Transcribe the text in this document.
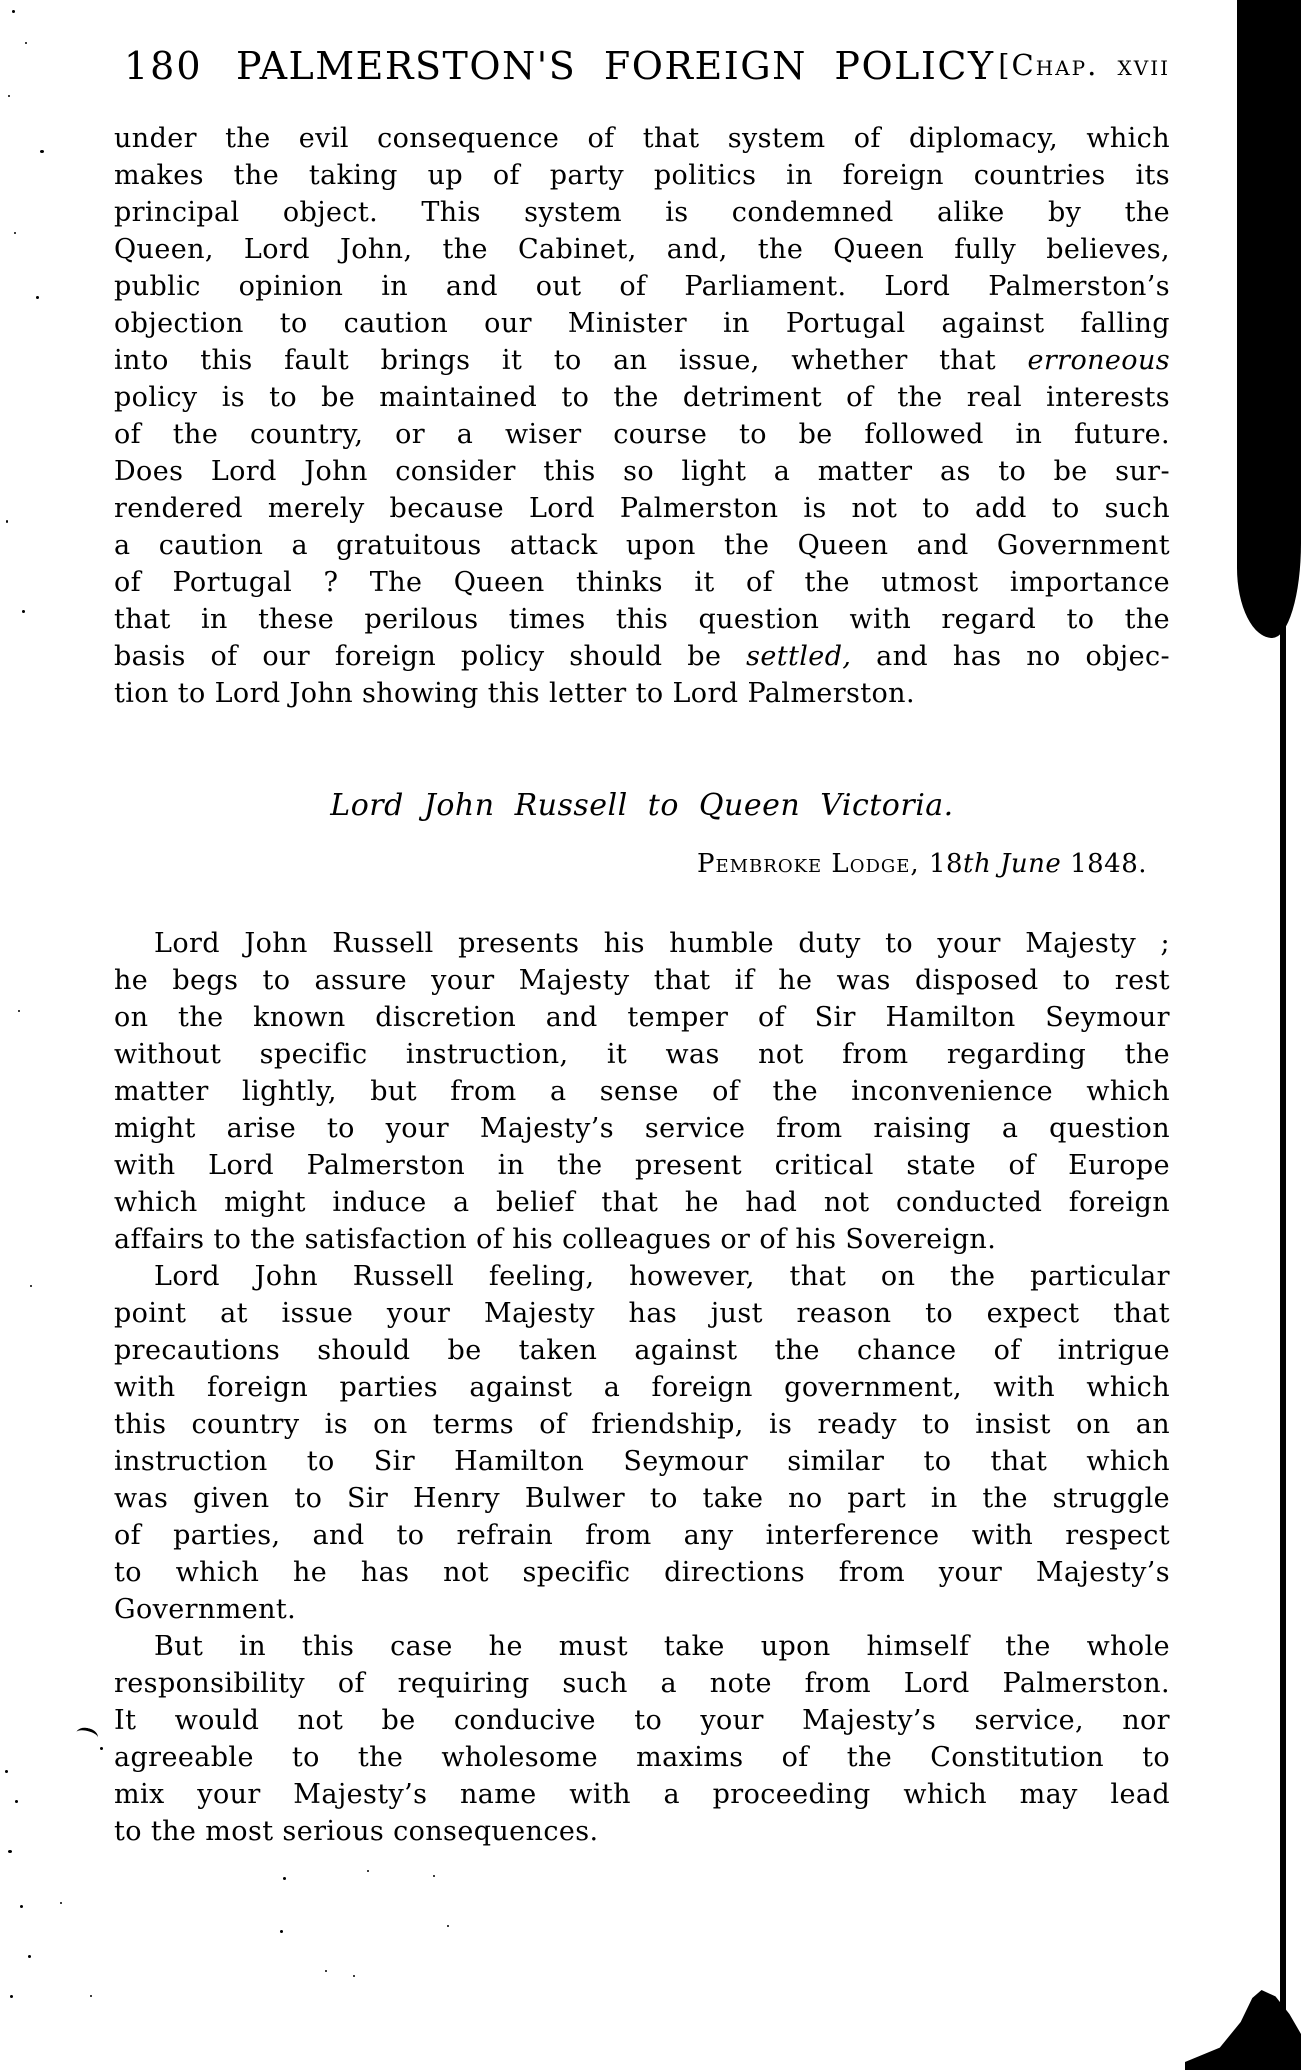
180 PALMERSTON'S FOREIGN POLICY [Chap. xvii
under the evil consequence of that system of diplomacy, which
makes the taking up of party politics in foreign countries its
principal object. This system is condemned alike by the
Queen, Lord John, the Cabinet, and, the Queen fully believes,
public opinion in and out of Parliament. Lord Palmerston’s
objection to caution our Minister in Portugal against falling
into this fault brings it to an issue, whether that erroneous
policy is to be maintained to the detriment of the real interests
of the country, or a wiser course to be followed in future.
Does Lord John consider this so light a matter as to be sur-
rendered merely because Lord Palmerston is not to add to such
a caution a gratuitous attack upon the Queen and Government
of Portugal ? The Queen thinks it of the utmost importance
that in these perilous times this question with regard to the
basis of our foreign policy should be settled, and has no objec-
tion to Lord John showing this letter to Lord Palmerston.
Lord John Russell to Queen Victoria.
Pembroke Lodge, 18th June 1848.
Lord John Russell presents his humble duty to your Majesty ;
he begs to assure your Majesty that if he was disposed to rest
on the known discretion and temper of Sir Hamilton Seymour
without specific instruction, it was not from regarding the
matter lightly, but from a sense of the inconvenience which
might arise to your Majesty’s service from raising a question
with Lord Palmerston in the present critical state of Europe
which might induce a belief that he had not conducted foreign
affairs to the satisfaction of his colleagues or of his Sovereign.
Lord John Russell feeling, however, that on the particular
point at issue your Majesty has just reason to expect that
precautions should be taken against the chance of intrigue
with foreign parties against a foreign government, with which
this country is on terms of friendship, is ready to insist on an
instruction to Sir Hamilton Seymour similar to that which
was given to Sir Henry Bulwer to take no part in the struggle
of parties, and to refrain from any interference with respect
to which he has not specific directions from your Majesty’s
Government.
But in this case he must take upon himself the whole
responsibility of requiring such a note from Lord Palmerston.
It would not be conducive to your Majesty’s service, nor
agreeable to the wholesome maxims of the Constitution to
mix your Majesty’s name with a proceeding which may lead
to the most serious consequences.
